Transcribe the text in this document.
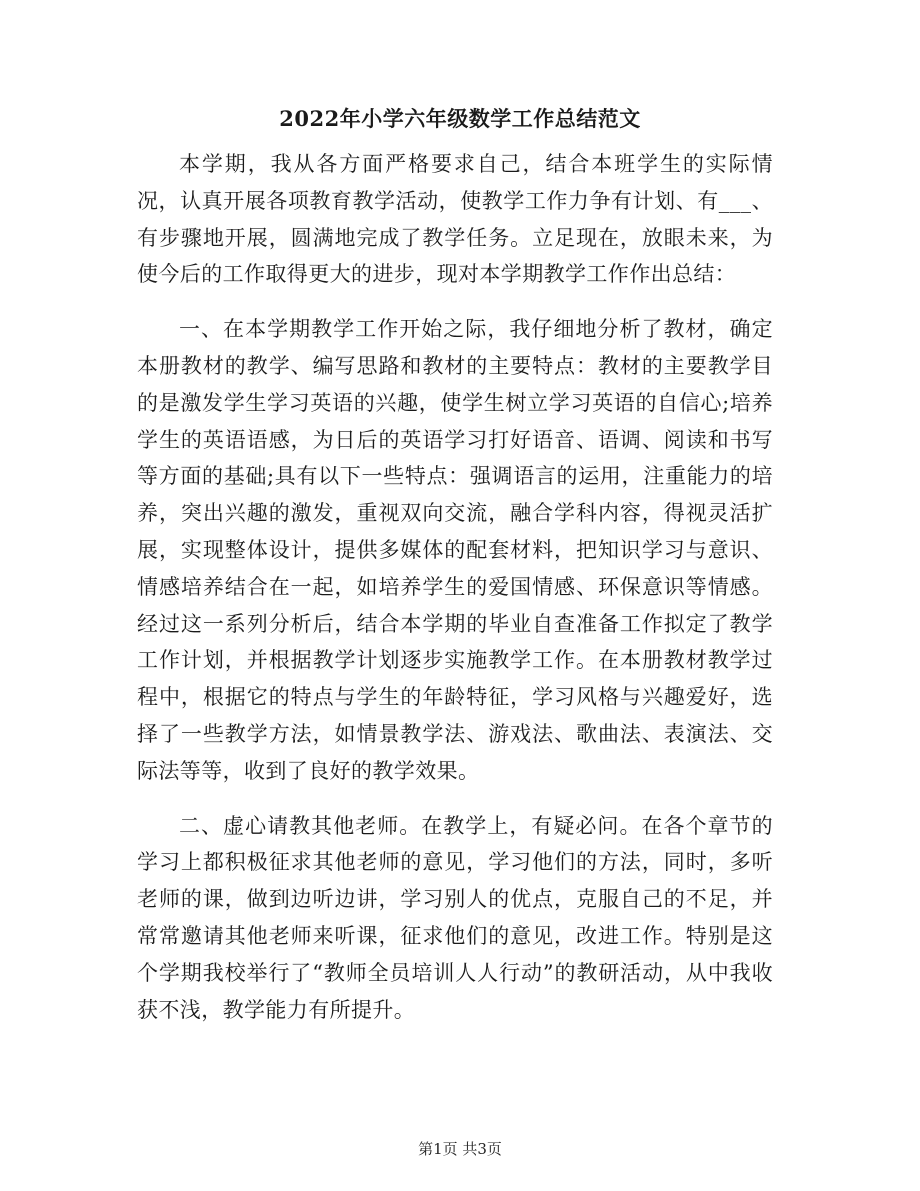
2022年小学六年级数学工作总结范文

本学期，我从各方面严格要求自己，结合本班学生的实际情况，认真开展各项教育教学活动，使教学工作力争有计划、有___、有步骤地开展，圆满地完成了教学任务。立足现在，放眼未来，为使今后的工作取得更大的进步，现对本学期教学工作作出总结：

一、在本学期教学工作开始之际，我仔细地分析了教材，确定本册教材的教学、编写思路和教材的主要特点：教材的主要教学目的是激发学生学习英语的兴趣，使学生树立学习英语的自信心;培养学生的英语语感，为日后的英语学习打好语音、语调、阅读和书写等方面的基础;具有以下一些特点：强调语言的运用，注重能力的培养，突出兴趣的激发，重视双向交流，融合学科内容，得视灵活扩展，实现整体设计，提供多媒体的配套材料，把知识学习与意识、情感培养结合在一起，如培养学生的爱国情感、环保意识等情感。经过这一系列分析后，结合本学期的毕业自查准备工作拟定了教学工作计划，并根据教学计划逐步实施教学工作。在本册教材教学过程中，根据它的特点与学生的年龄特征，学习风格与兴趣爱好，选择了一些教学方法，如情景教学法、游戏法、歌曲法、表演法、交际法等等，收到了良好的教学效果。

二、虚心请教其他老师。在教学上，有疑必问。在各个章节的学习上都积极征求其他老师的意见，学习他们的方法，同时，多听老师的课，做到边听边讲，学习别人的优点，克服自己的不足，并常常邀请其他老师来听课，征求他们的意见，改进工作。特别是这个学期我校举行了“教师全员培训人人行动”的教研活动，从中我收获不浅，教学能力有所提升。

第1页 共3页
